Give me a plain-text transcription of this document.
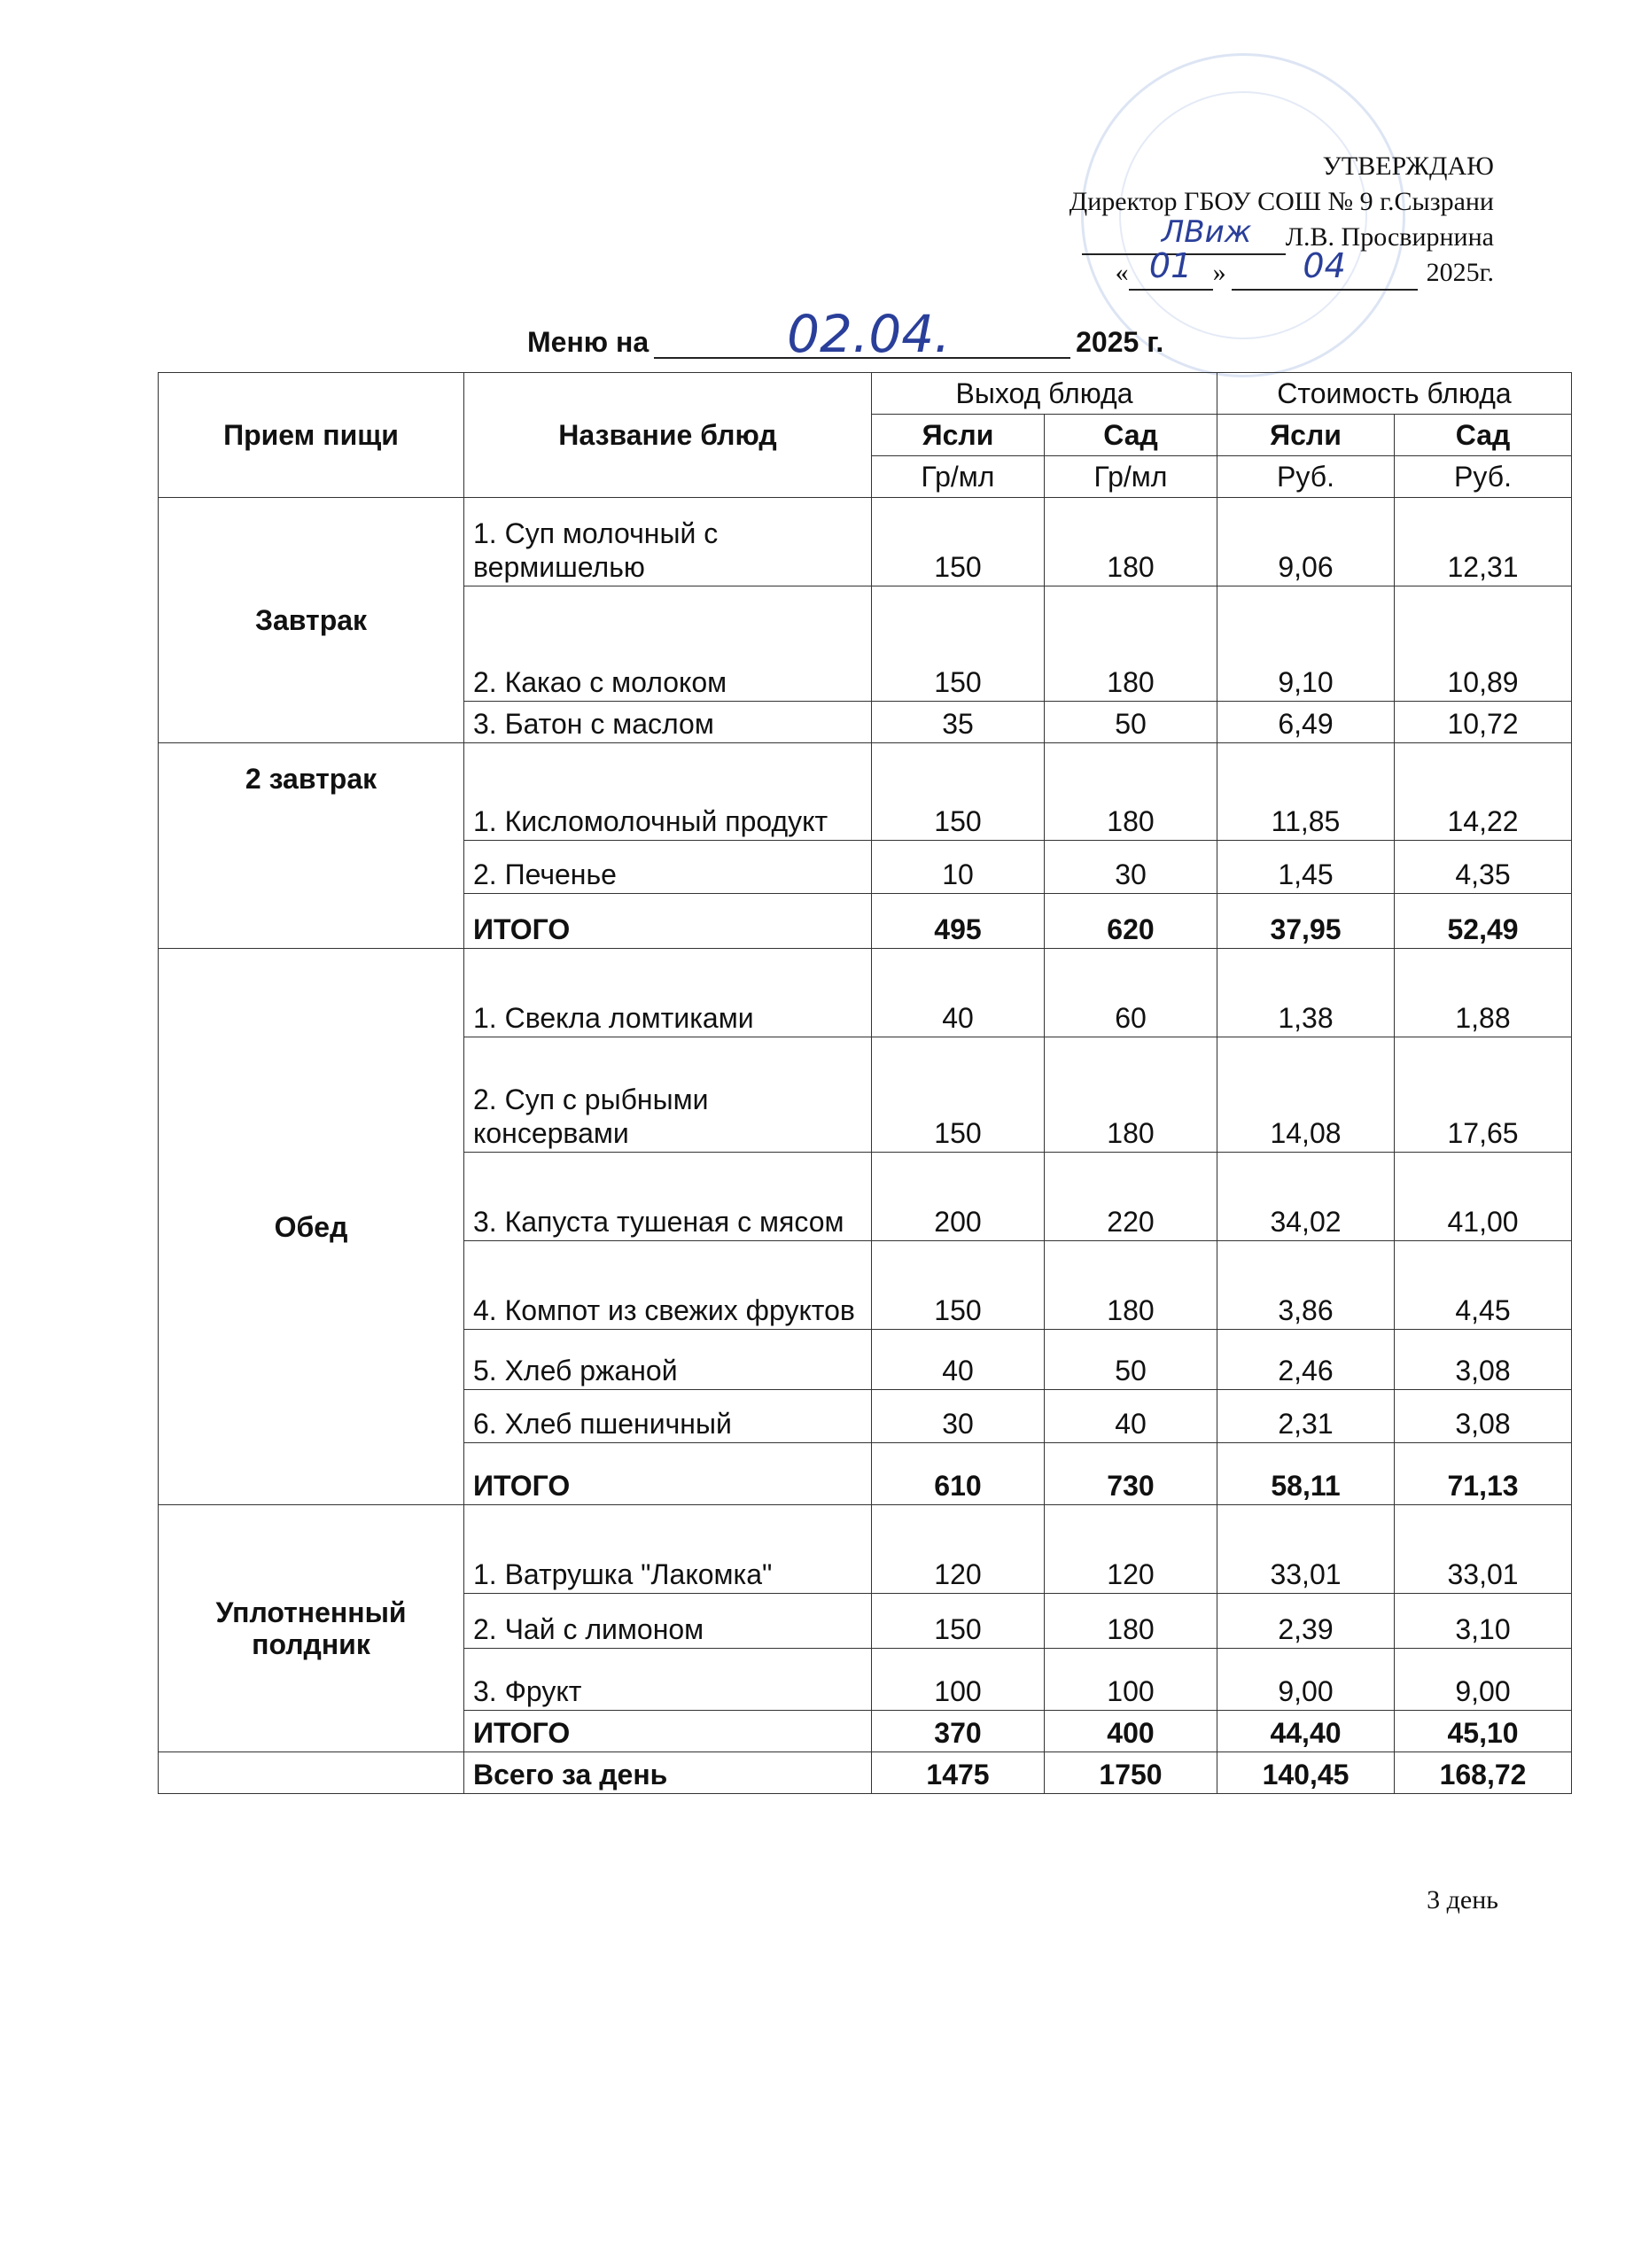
УТВЕРЖДАЮ
Директор ГБОУ СОШ № 9 г.Сызрани
ЛВиж Л.В. Просвирнина
« 01 »	04	2025г.
Меню на	02.04.	2025 г.
Прием пищи	Название блюд	Выход блюда		Стоимость блюда	
		Ясли	Сад	Ясли	Сад
		Гр/мл	Гр/мл	Руб.	Руб.
Завтрак	1. Суп молочный с вермишелью	150	180	9,06	12,31
	2. Какао с молоком	150	180	9,10	10,89
	3. Батон с маслом	35	50	6,49	10,72
2 завтрак	1. Кисломолочный продукт	150	180	11,85	14,22
	2. Печенье	10	30	1,45	4,35
	ИТОГО	495	620	37,95	52,49
Обед	1. Свекла ломтиками	40	60	1,38	1,88
	2. Суп с рыбными консервами	150	180	14,08	17,65
	3. Капуста тушеная с мясом	200	220	34,02	41,00
	4. Компот из свежих фруктов	150	180	3,86	4,45
	5. Хлеб ржаной	40	50	2,46	3,08
	6. Хлеб пшеничный	30	40	2,31	3,08
	ИТОГО	610	730	58,11	71,13
Уплотненный полдник	1. Ватрушка "Лакомка"	120	120	33,01	33,01
	2. Чай с лимоном	150	180	2,39	3,10
	3. Фрукт	100	100	9,00	9,00
	ИТОГО	370	400	44,40	45,10
	Всего за день	1475	1750	140,45	168,72
3 день
